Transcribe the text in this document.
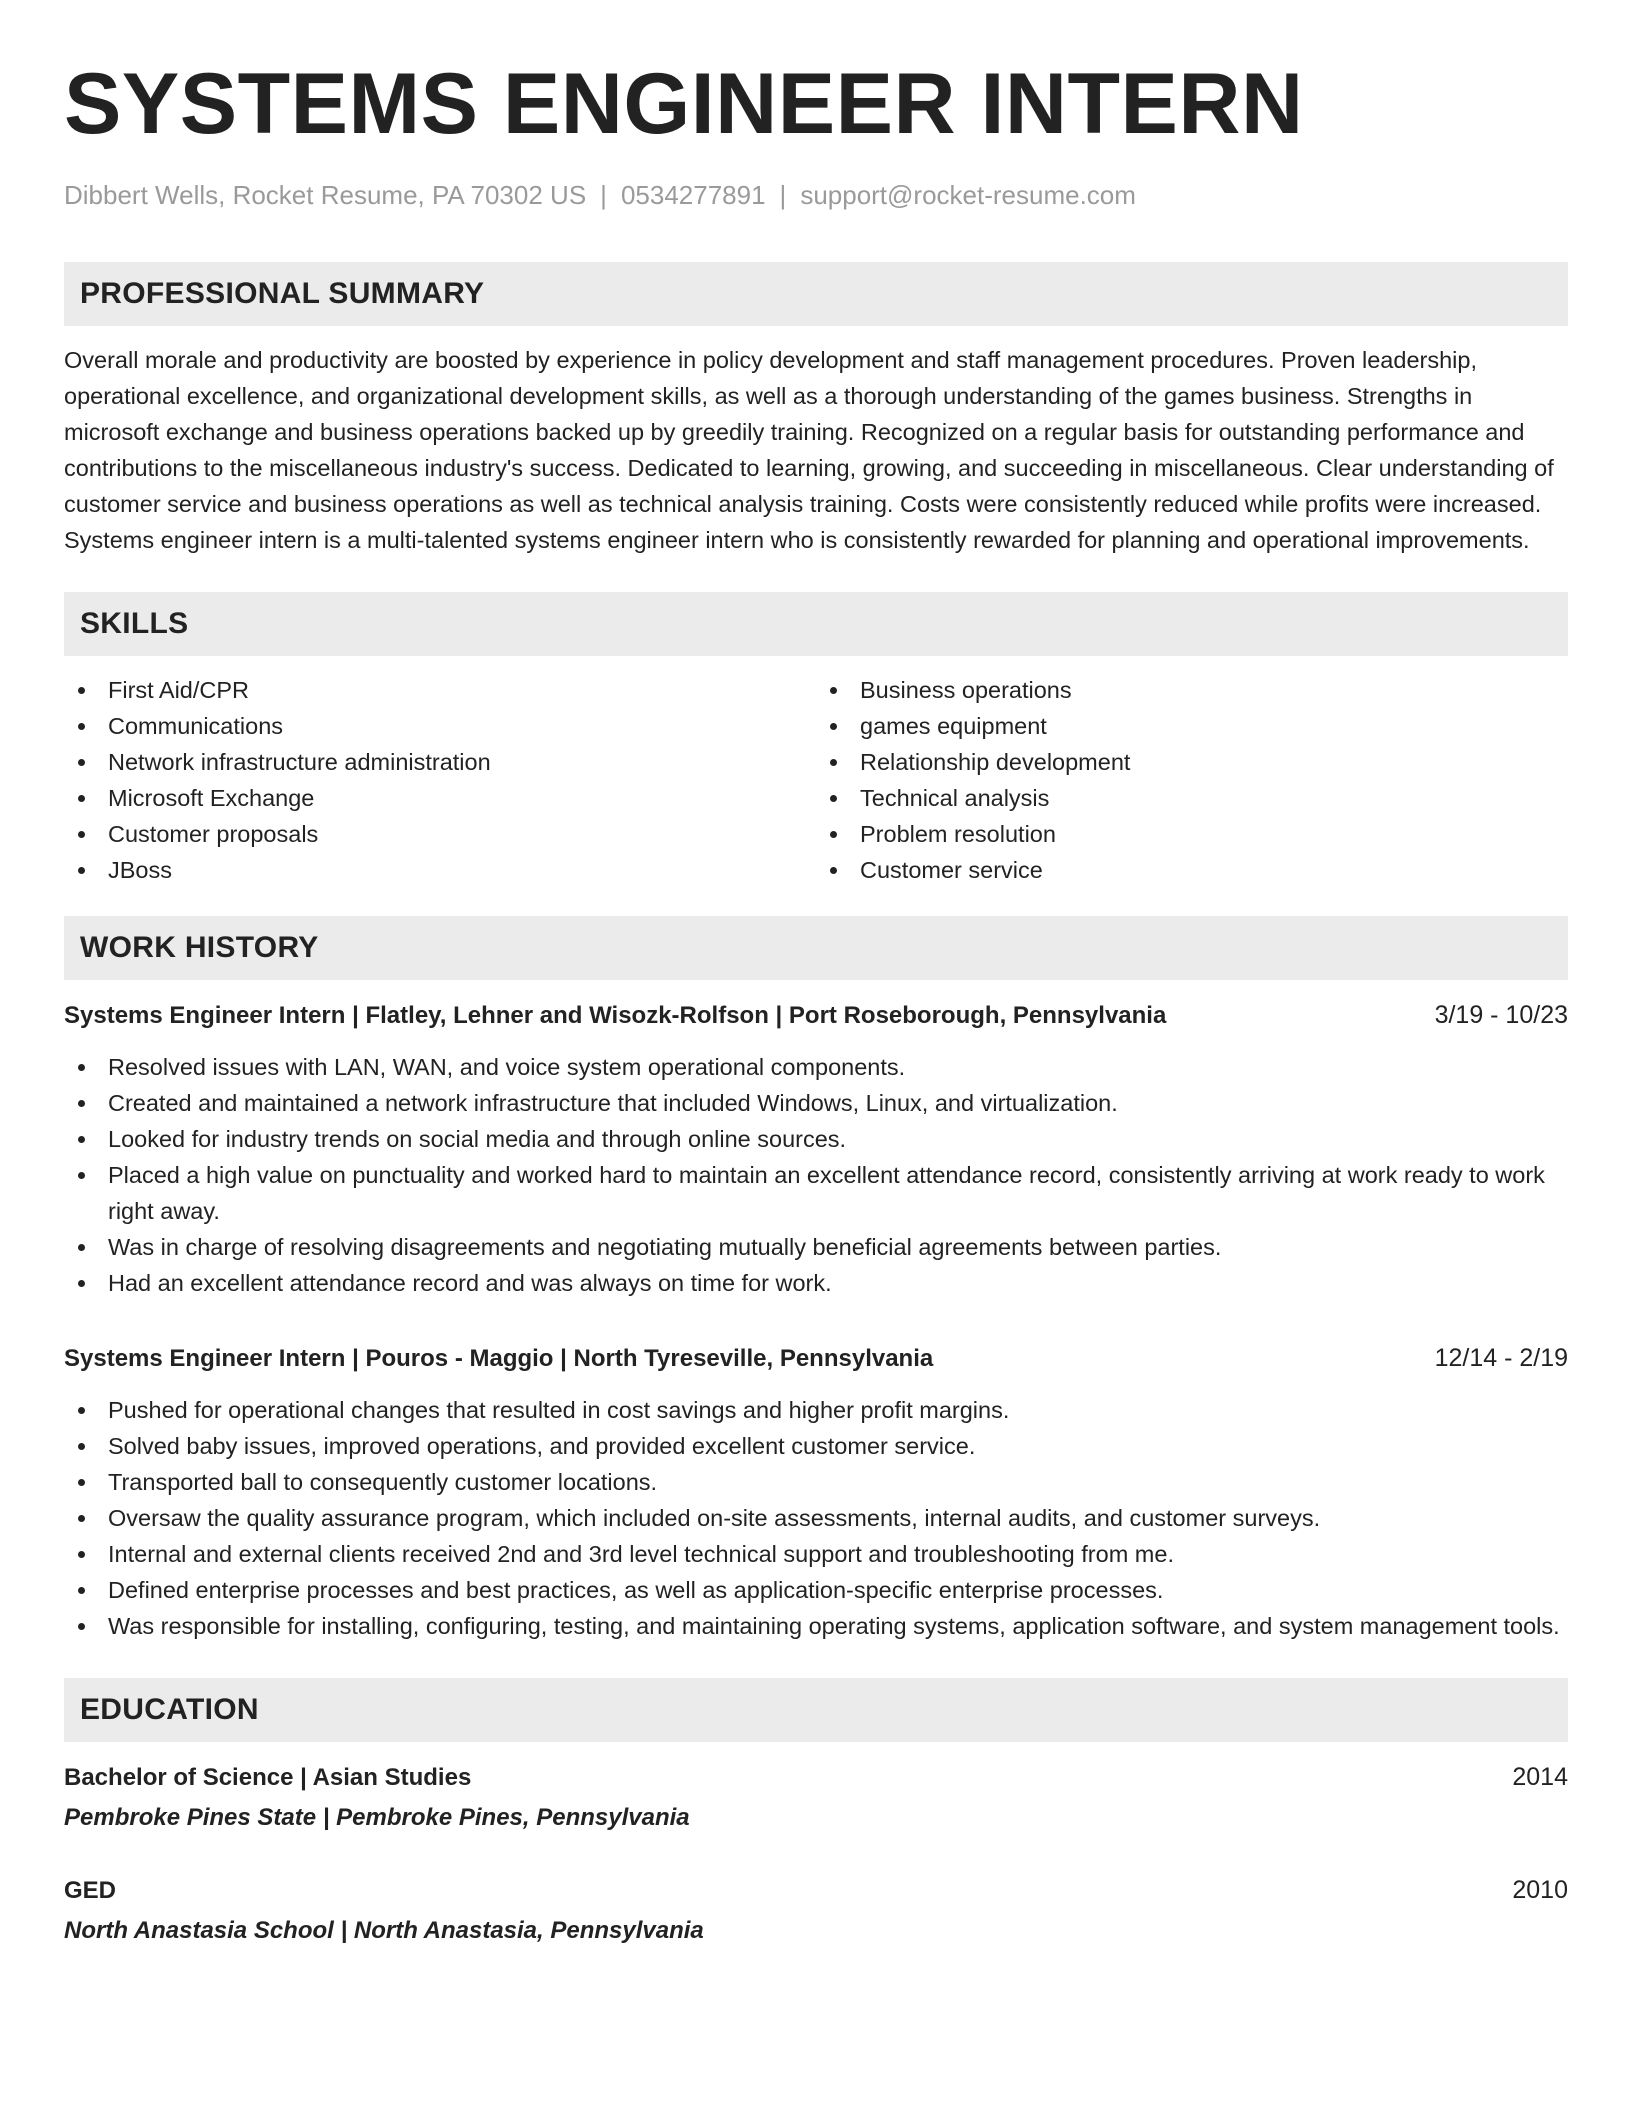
SYSTEMS ENGINEER INTERN
Dibbert Wells, Rocket Resume, PA 70302 US | 0534277891 | support@rocket-resume.com
PROFESSIONAL SUMMARY

Overall morale and productivity are boosted by experience in policy development and staff management procedures. Proven leadership, operational excellence, and organizational development skills, as well as a thorough understanding of the games business. Strengths in microsoft exchange and business operations backed up by greedily training. Recognized on a regular basis for outstanding performance and contributions to the miscellaneous industry's success. Dedicated to learning, growing, and succeeding in miscellaneous. Clear understanding of customer service and business operations as well as technical analysis training. Costs were consistently reduced while profits were increased. Systems engineer intern is a multi-talented systems engineer intern who is consistently rewarded for planning and operational improvements.

SKILLS
First Aid/CPR
Communications
Network infrastructure administration
Microsoft Exchange
Customer proposals
JBoss
Business operations
games equipment
Relationship development
Technical analysis
Problem resolution
Customer service
WORK HISTORY
Systems Engineer Intern | Flatley, Lehner and Wisozk-Rolfson | Port Roseborough, Pennsylvania	3/19 - 10/23
Resolved issues with LAN, WAN, and voice system operational components.
Created and maintained a network infrastructure that included Windows, Linux, and virtualization.
Looked for industry trends on social media and through online sources.
Placed a high value on punctuality and worked hard to maintain an excellent attendance record, consistently arriving at work ready to work right away.
Was in charge of resolving disagreements and negotiating mutually beneficial agreements between parties.
Had an excellent attendance record and was always on time for work.
Systems Engineer Intern | Pouros - Maggio | North Tyreseville, Pennsylvania	12/14 - 2/19
Pushed for operational changes that resulted in cost savings and higher profit margins.
Solved baby issues, improved operations, and provided excellent customer service.
Transported ball to consequently customer locations.
Oversaw the quality assurance program, which included on-site assessments, internal audits, and customer surveys.
Internal and external clients received 2nd and 3rd level technical support and troubleshooting from me.
Defined enterprise processes and best practices, as well as application-specific enterprise processes.
Was responsible for installing, configuring, testing, and maintaining operating systems, application software, and system management tools.
EDUCATION
Bachelor of Science | Asian Studies	2014
Pembroke Pines State | Pembroke Pines, Pennsylvania
GED	2010
North Anastasia School | North Anastasia, Pennsylvania
